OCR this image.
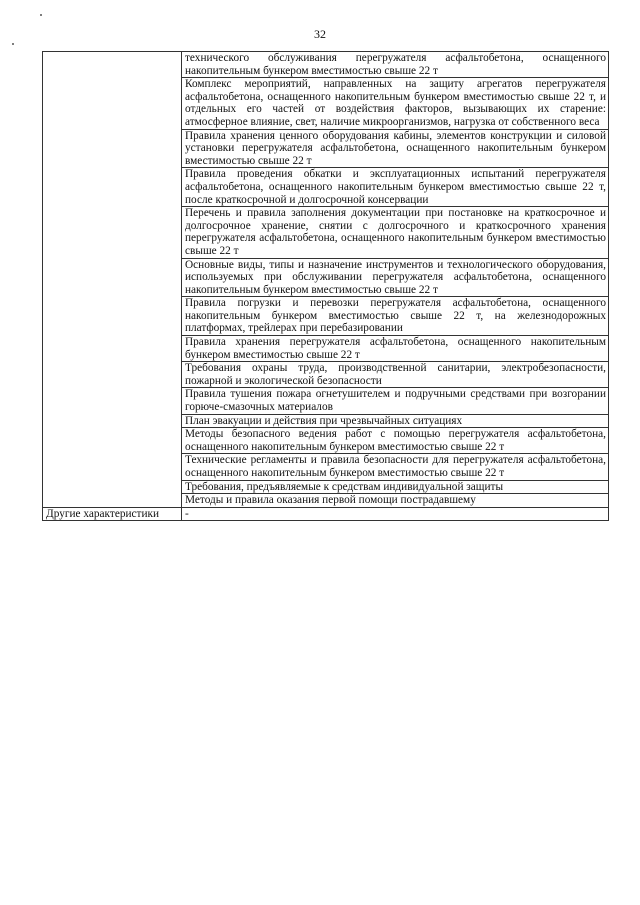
32
	технического обслуживания перегружателя асфальтобетона, оснащенного накопительным бункером вместимостью свыше 22 т
	Комплекс мероприятий, направленных на защиту агрегатов перегружателя асфальтобетона, оснащенного накопительным бункером вместимостью свыше 22 т, и отдельных его частей от воздействия факторов, вызывающих их старение: атмосферное влияние, свет, наличие микроорганизмов, нагрузка от собственного веса
	Правила хранения ценного оборудования кабины, элементов конструкции и силовой установки перегружателя асфальтобетона, оснащенного накопительным бункером вместимостью свыше 22 т
	Правила проведения обкатки и эксплуатационных испытаний перегружателя асфальтобетона, оснащенного накопительным бункером вместимостью свыше 22 т, после краткосрочной и долгосрочной консервации
	Перечень и правила заполнения документации при постановке на краткосрочное и долгосрочное хранение, снятии с долгосрочного и краткосрочного хранения перегружателя асфальтобетона, оснащенного накопительным бункером вместимостью свыше 22 т
	Основные виды, типы и назначение инструментов и технологического оборудования, используемых при обслуживании перегружателя асфальтобетона, оснащенного накопительным бункером вместимостью свыше 22 т
	Правила погрузки и перевозки перегружателя асфальтобетона, оснащенного накопительным бункером вместимостью свыше 22 т, на железнодорожных платформах, трейлерах при перебазировании
	Правила хранения перегружателя асфальтобетона, оснащенного накопительным бункером вместимостью свыше 22 т
	Требования охраны труда, производственной санитарии, электробезопасности, пожарной и экологической безопасности
	Правила тушения пожара огнетушителем и подручными средствами при возгорании горюче-смазочных материалов
	План эвакуации и действия при чрезвычайных ситуациях
	Методы безопасного ведения работ с помощью перегружателя асфальтобетона, оснащенного накопительным бункером вместимостью свыше 22 т
	Технические регламенты и правила безопасности для перегружателя асфальтобетона, оснащенного накопительным бункером вместимостью свыше 22 т
	Требования, предъявляемые к средствам индивидуальной защиты
	Методы и правила оказания первой помощи пострадавшему
Другие характеристики	-
